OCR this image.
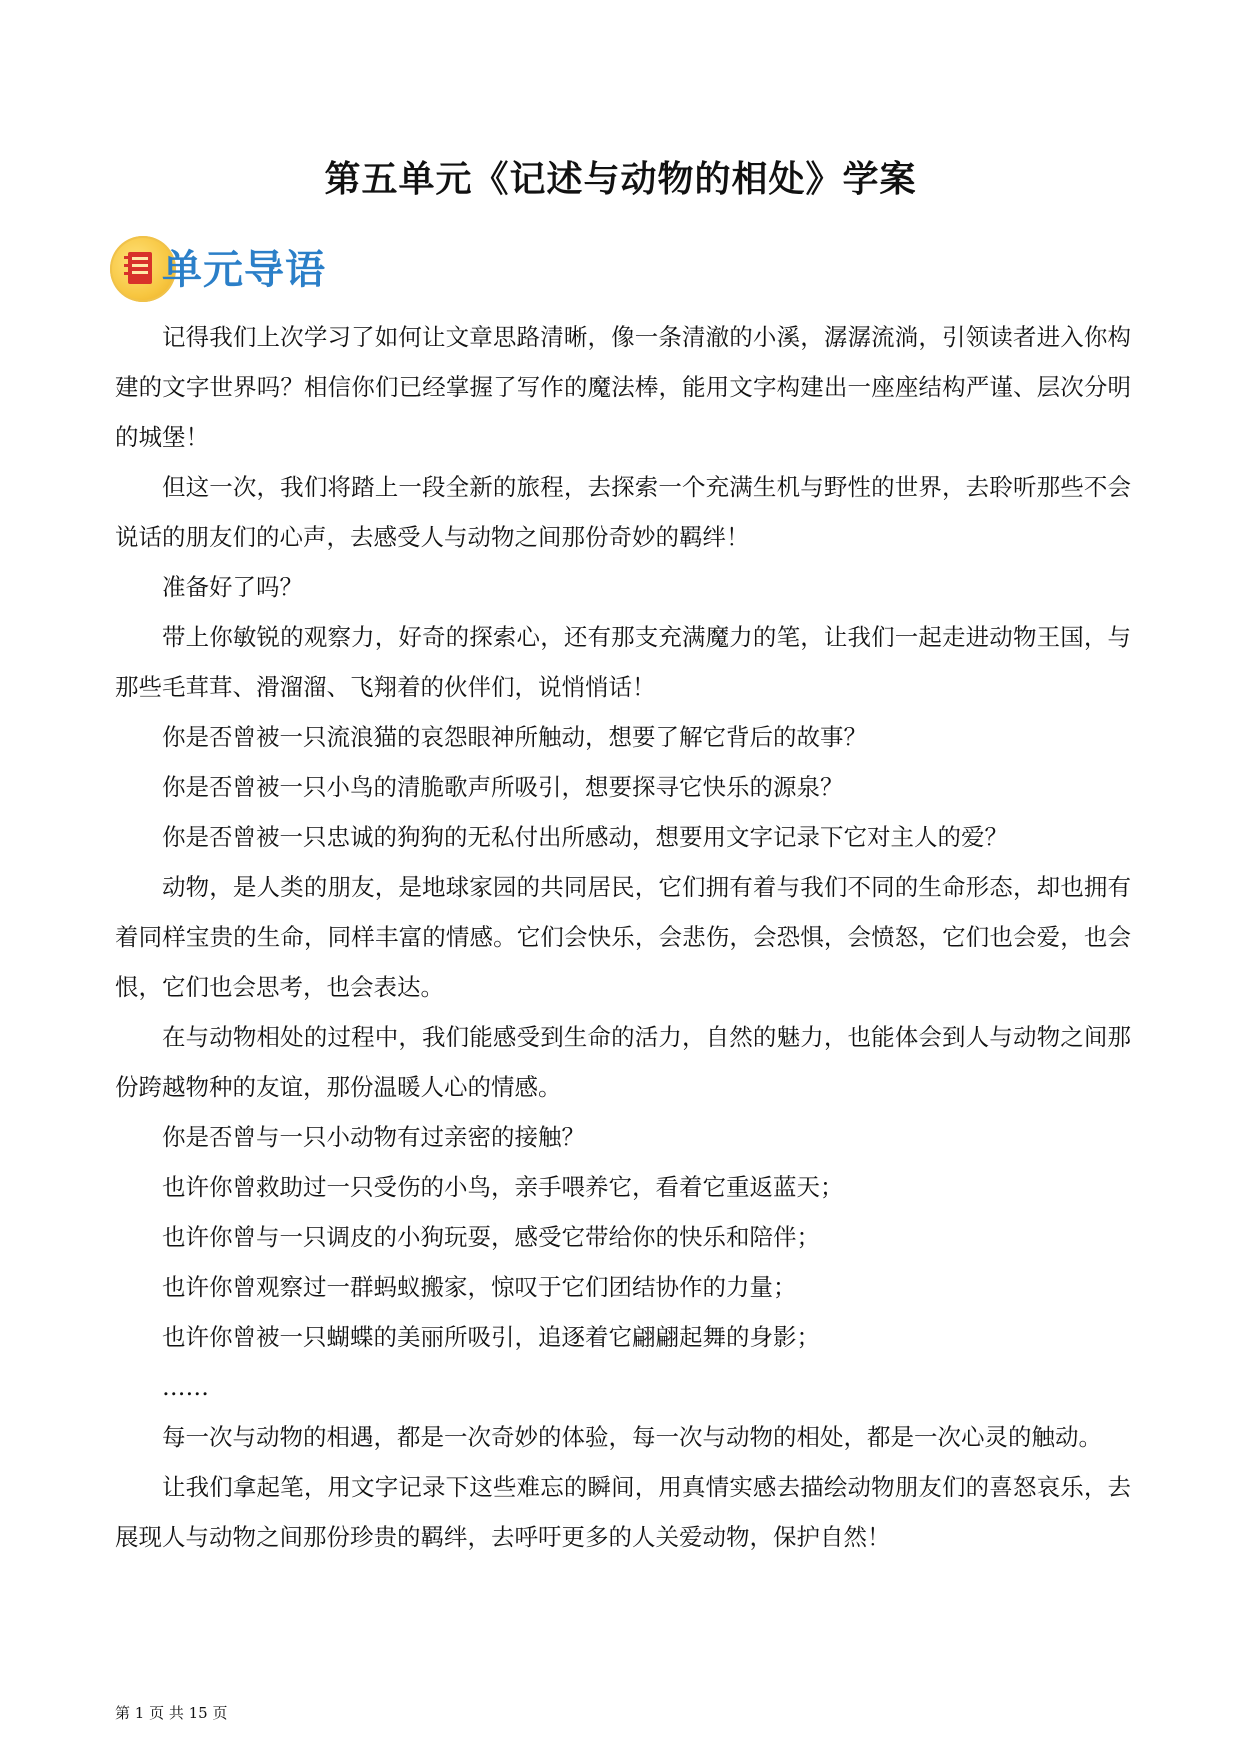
第五单元《记述与动物的相处》学案
单元导语

记得我们上次学习了如何让文章思路清晰，像一条清澈的小溪，潺潺流淌，引领读者进入你构建的文字世界吗？相信你们已经掌握了写作的魔法棒，能用文字构建出一座座结构严谨、层次分明的城堡！

但这一次，我们将踏上一段全新的旅程，去探索一个充满生机与野性的世界，去聆听那些不会说话的朋友们的心声，去感受人与动物之间那份奇妙的羁绊！

准备好了吗？

带上你敏锐的观察力，好奇的探索心，还有那支充满魔力的笔，让我们一起走进动物王国，与那些毛茸茸、滑溜溜、飞翔着的伙伴们，说悄悄话！

你是否曾被一只流浪猫的哀怨眼神所触动，想要了解它背后的故事？

你是否曾被一只小鸟的清脆歌声所吸引，想要探寻它快乐的源泉？

你是否曾被一只忠诚的狗狗的无私付出所感动，想要用文字记录下它对主人的爱？

动物，是人类的朋友，是地球家园的共同居民，它们拥有着与我们不同的生命形态，却也拥有着同样宝贵的生命，同样丰富的情感。它们会快乐，会悲伤，会恐惧，会愤怒，它们也会爱，也会恨，它们也会思考，也会表达。

在与动物相处的过程中，我们能感受到生命的活力，自然的魅力，也能体会到人与动物之间那份跨越物种的友谊，那份温暖人心的情感。

你是否曾与一只小动物有过亲密的接触？

也许你曾救助过一只受伤的小鸟，亲手喂养它，看着它重返蓝天；

也许你曾与一只调皮的小狗玩耍，感受它带给你的快乐和陪伴；

也许你曾观察过一群蚂蚁搬家，惊叹于它们团结协作的力量；

也许你曾被一只蝴蝶的美丽所吸引，追逐着它翩翩起舞的身影；

……

每一次与动物的相遇，都是一次奇妙的体验，每一次与动物的相处，都是一次心灵的触动。

让我们拿起笔，用文字记录下这些难忘的瞬间，用真情实感去描绘动物朋友们的喜怒哀乐，去展现人与动物之间那份珍贵的羁绊，去呼吁更多的人关爱动物，保护自然！

第 1 页 共 15 页
